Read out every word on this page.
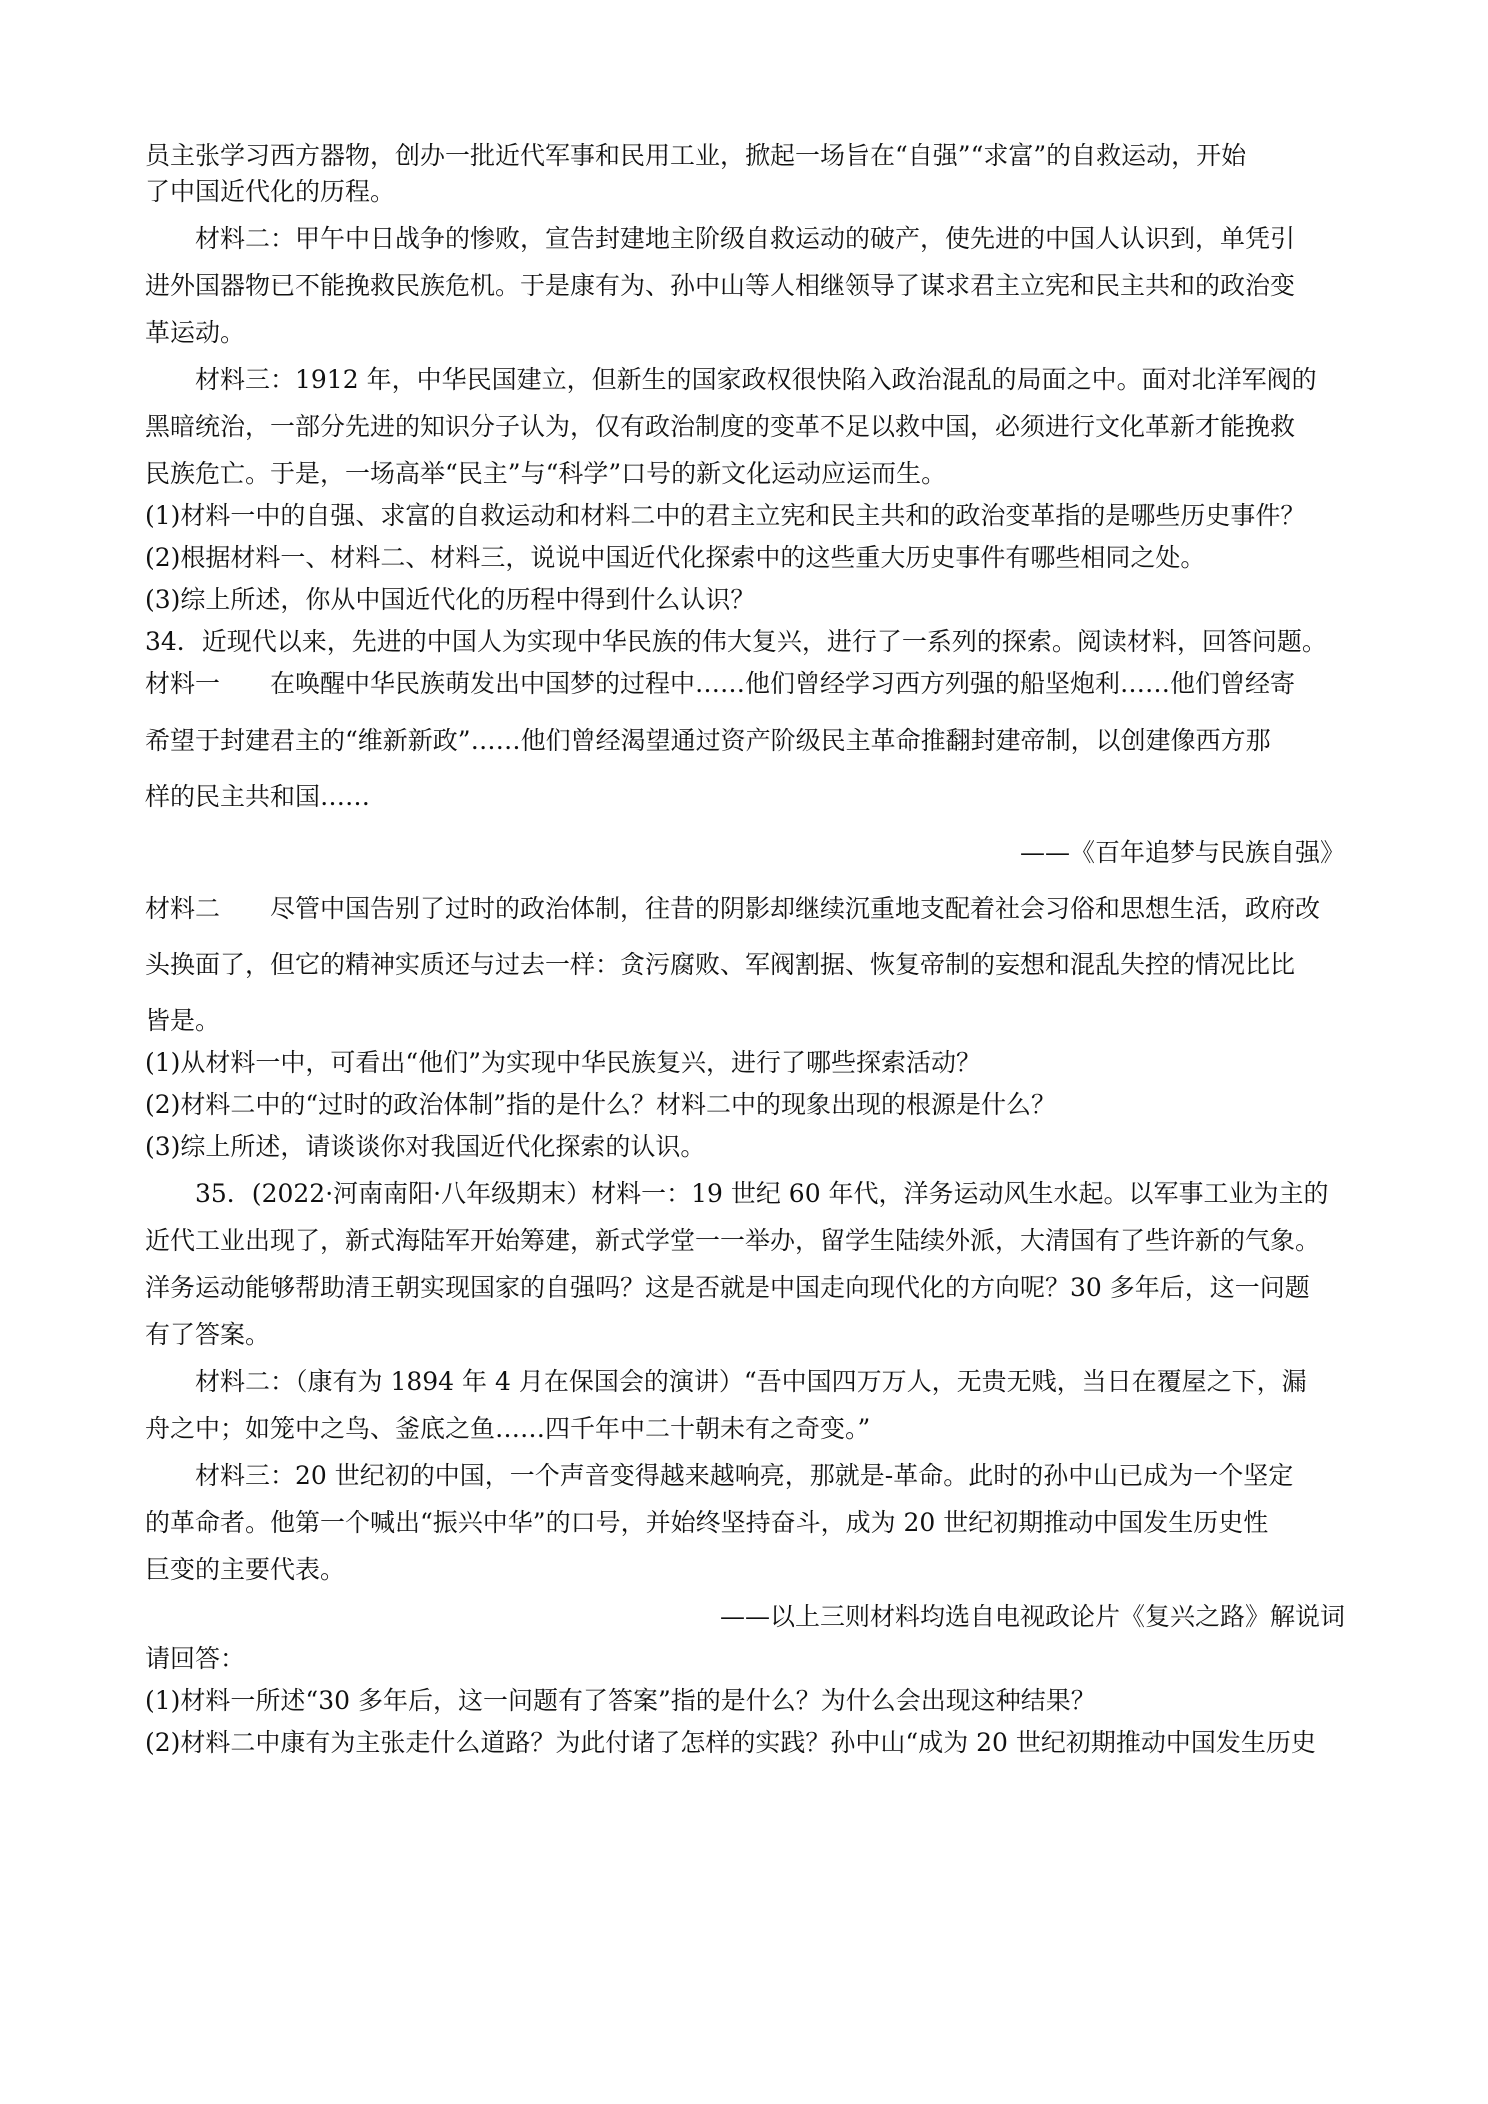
员主张学习西方器物，创办一批近代军事和民用工业，掀起一场旨在“自强”“求富”的自救运动，开始

了中国近代化的历程。

材料二：甲午中日战争的惨败，宣告封建地主阶级自救运动的破产，使先进的中国人认识到，单凭引

进外国器物已不能挽救民族危机。于是康有为、孙中山等人相继领导了谋求君主立宪和民主共和的政治变

革运动。

材料三：1912 年，中华民国建立，但新生的国家政权很快陷入政治混乱的局面之中。面对北洋军阀的

黑暗统治，一部分先进的知识分子认为，仅有政治制度的变革不足以救中国，必须进行文化革新才能挽救

民族危亡。于是，一场高举“民主”与“科学”口号的新文化运动应运而生。

(1)材料一中的自强、求富的自救运动和材料二中的君主立宪和民主共和的政治变革指的是哪些历史事件？

(2)根据材料一、材料二、材料三，说说中国近代化探索中的这些重大历史事件有哪些相同之处。

(3)综上所述，你从中国近代化的历程中得到什么认识？

34．近现代以来，先进的中国人为实现中华民族的伟大复兴，进行了一系列的探索。阅读材料，回答问题。

材料一　　在唤醒中华民族萌发出中国梦的过程中……他们曾经学习西方列强的船坚炮利……他们曾经寄

希望于封建君主的“维新新政”……他们曾经渴望通过资产阶级民主革命推翻封建帝制，以创建像西方那

样的民主共和国……

——《百年追梦与民族自强》

材料二　　尽管中国告别了过时的政治体制，往昔的阴影却继续沉重地支配着社会习俗和思想生活，政府改

头换面了，但它的精神实质还与过去一样：贪污腐败、军阀割据、恢复帝制的妄想和混乱失控的情况比比

皆是。

(1)从材料一中，可看出“他们”为实现中华民族复兴，进行了哪些探索活动？

(2)材料二中的“过时的政治体制”指的是什么？材料二中的现象出现的根源是什么？

(3)综上所述，请谈谈你对我国近代化探索的认识。

35．(2022·河南南阳·八年级期末）材料一：19 世纪 60 年代，洋务运动风生水起。以军事工业为主的

近代工业出现了，新式海陆军开始筹建，新式学堂一一举办，留学生陆续外派，大清国有了些许新的气象。

洋务运动能够帮助清王朝实现国家的自强吗？这是否就是中国走向现代化的方向呢？30 多年后，这一问题

有了答案。

材料二：（康有为 1894 年 4 月在保国会的演讲）“吾中国四万万人，无贵无贱，当日在覆屋之下，漏

舟之中；如笼中之鸟、釜底之鱼……四千年中二十朝未有之奇变。”

材料三：20 世纪初的中国，一个声音变得越来越响亮，那就是-革命。此时的孙中山已成为一个坚定

的革命者。他第一个喊出“振兴中华”的口号，并始终坚持奋斗，成为 20 世纪初期推动中国发生历史性

巨变的主要代表。

——以上三则材料均选自电视政论片《复兴之路》解说词

请回答：

(1)材料一所述“30 多年后，这一问题有了答案”指的是什么？为什么会出现这种结果？

(2)材料二中康有为主张走什么道路？为此付诸了怎样的实践？孙中山“成为 20 世纪初期推动中国发生历史
